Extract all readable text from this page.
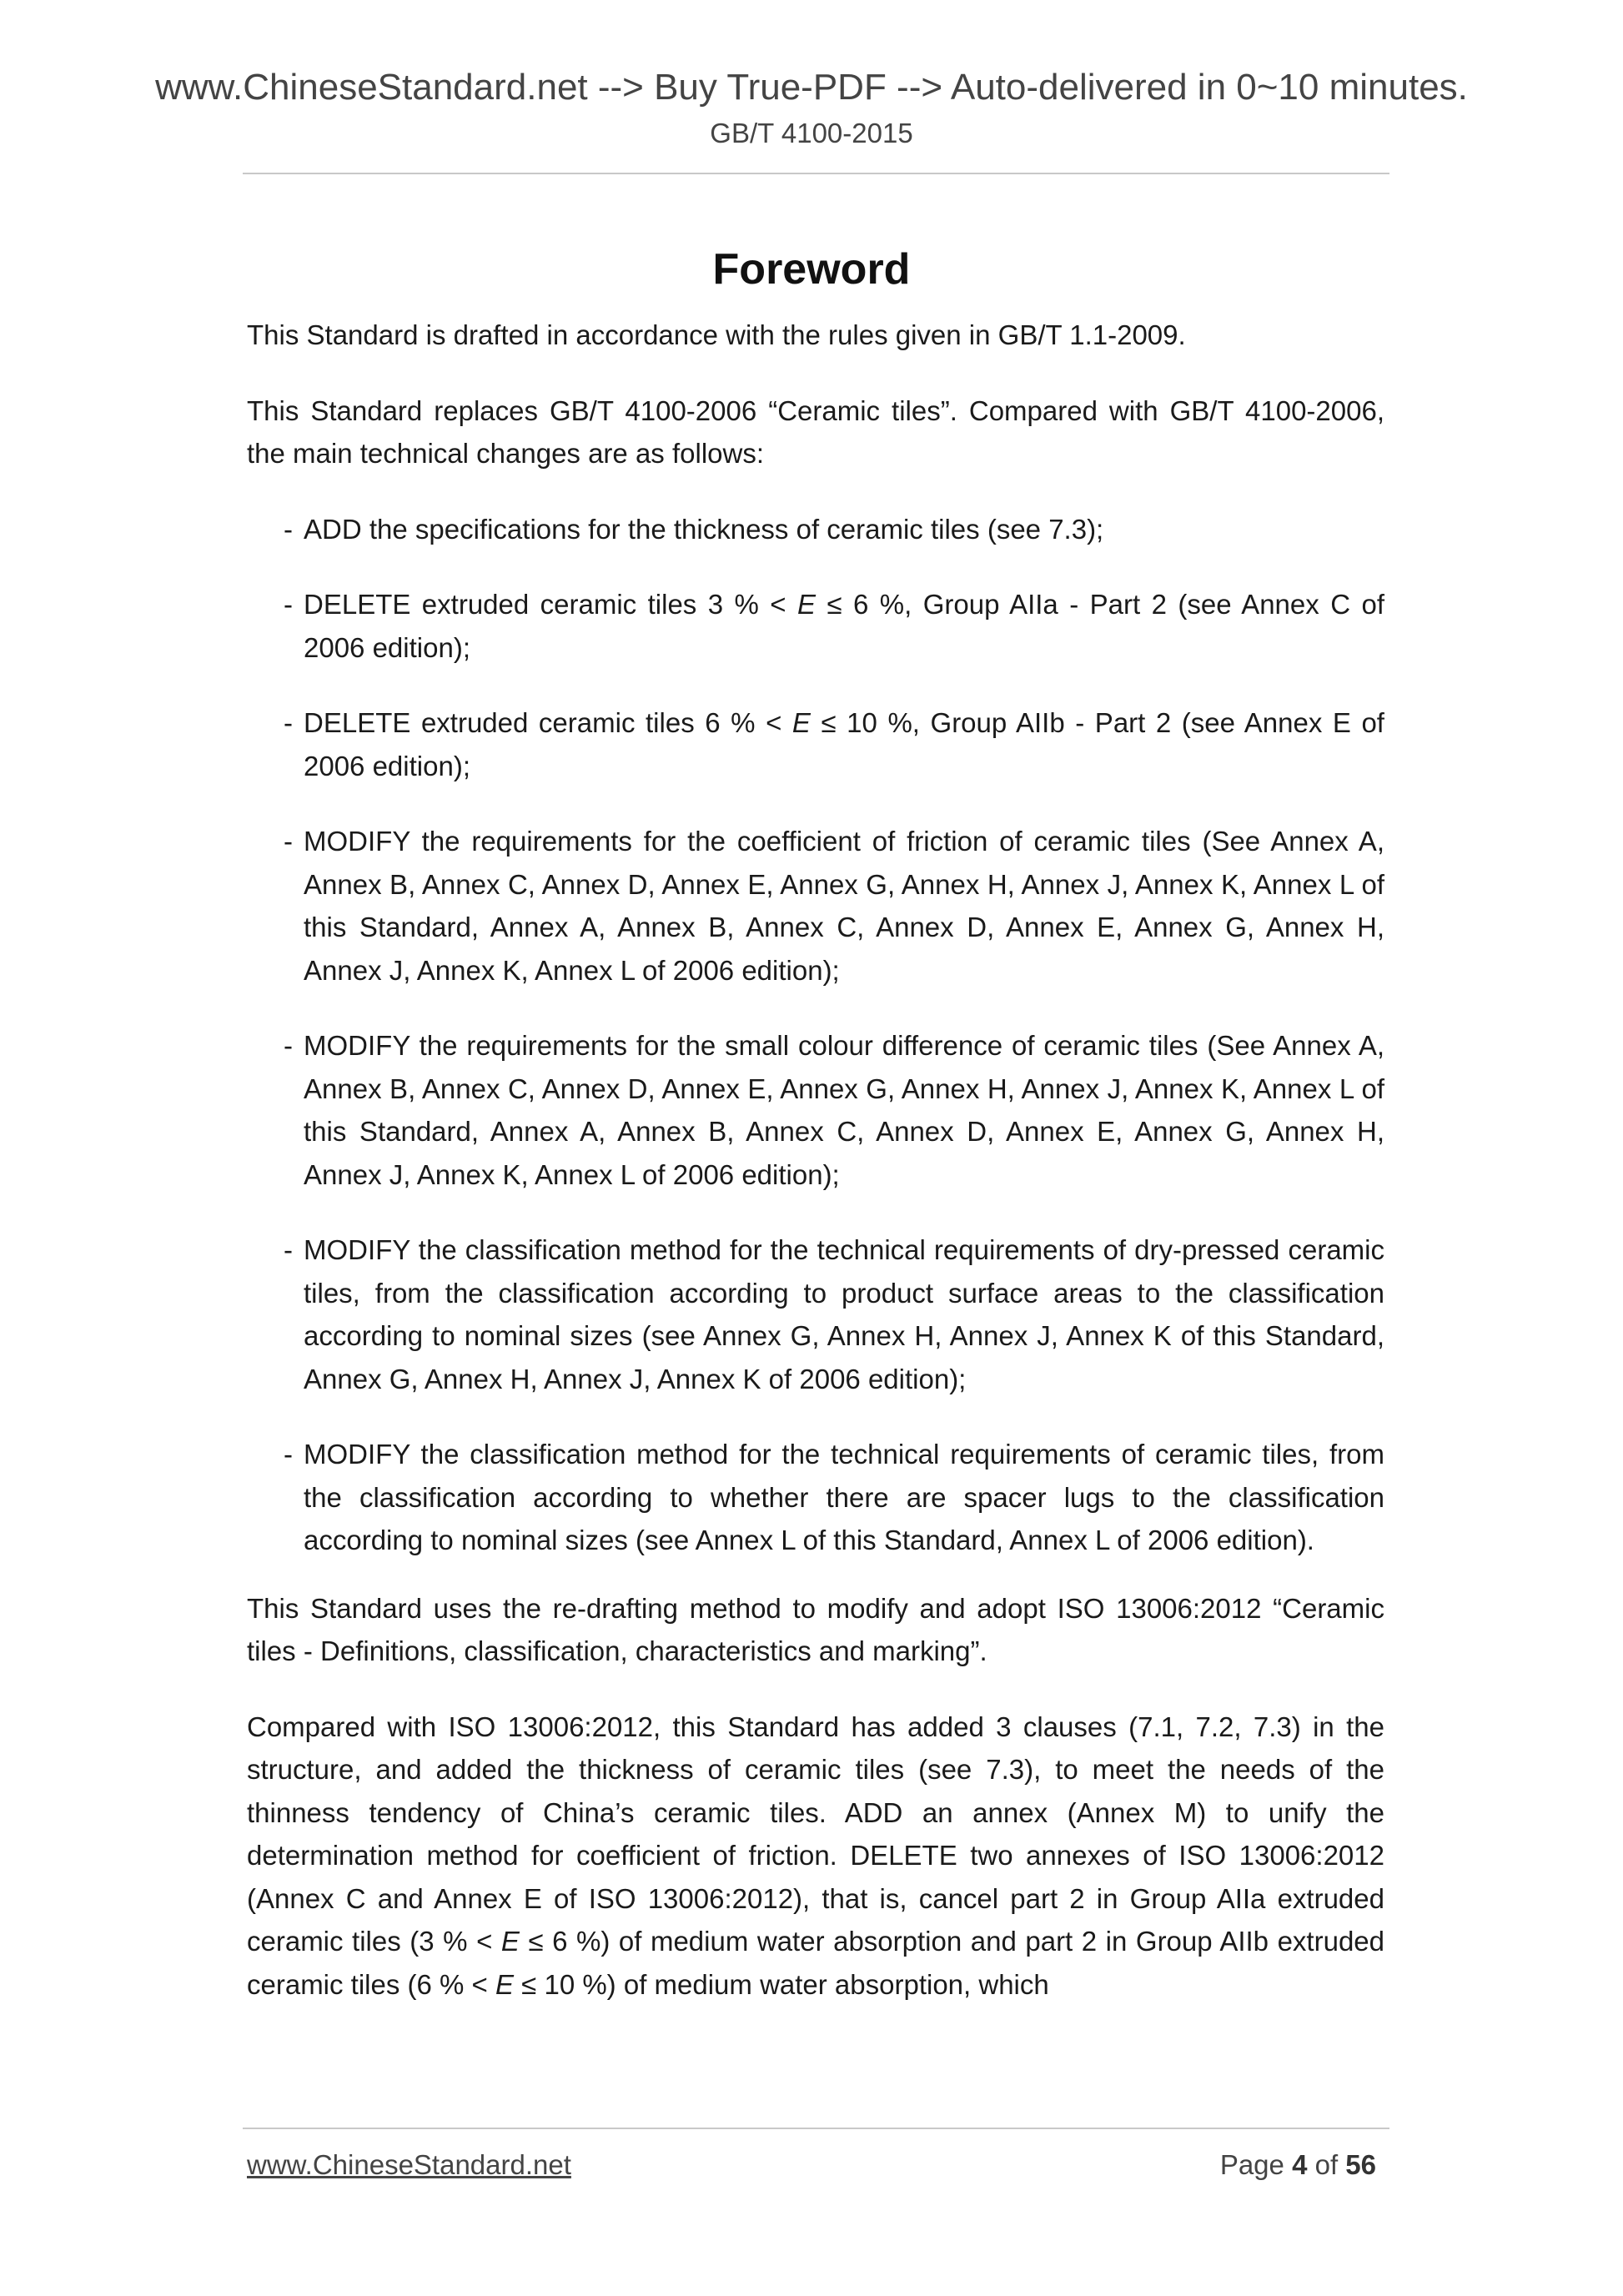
www.ChineseStandard.net --> Buy True-PDF --> Auto-delivered in 0~10 minutes.
GB/T 4100-2015
Foreword

This Standard is drafted in accordance with the rules given in GB/T 1.1-2009.

This Standard replaces GB/T 4100-2006 “Ceramic tiles”. Compared with GB/T 4100-2006, the main technical changes are as follows:

- ADD the specifications for the thickness of ceramic tiles (see 7.3);
- DELETE extruded ceramic tiles 3 % < E ≤ 6 %, Group AIIa - Part 2 (see Annex C of 2006 edition);
- DELETE extruded ceramic tiles 6 % < E ≤ 10 %, Group AIIb - Part 2 (see Annex E of 2006 edition);
- MODIFY the requirements for the coefficient of friction of ceramic tiles (See Annex A, Annex B, Annex C, Annex D, Annex E, Annex G, Annex H, Annex J, Annex K, Annex L of this Standard, Annex A, Annex B, Annex C, Annex D, Annex E, Annex G, Annex H, Annex J, Annex K, Annex L of 2006 edition);
- MODIFY the requirements for the small colour difference of ceramic tiles (See Annex A, Annex B, Annex C, Annex D, Annex E, Annex G, Annex H, Annex J, Annex K, Annex L of this Standard, Annex A, Annex B, Annex C, Annex D, Annex E, Annex G, Annex H, Annex J, Annex K, Annex L of 2006 edition);
- MODIFY the classification method for the technical requirements of dry-pressed ceramic tiles, from the classification according to product surface areas to the classification according to nominal sizes (see Annex G, Annex H, Annex J, Annex K of this Standard, Annex G, Annex H, Annex J, Annex K of 2006 edition);
- MODIFY the classification method for the technical requirements of ceramic tiles, from the classification according to whether there are spacer lugs to the classification according to nominal sizes (see Annex L of this Standard, Annex L of 2006 edition).

This Standard uses the re-drafting method to modify and adopt ISO 13006:2012 “Ceramic tiles - Definitions, classification, characteristics and marking”.

Compared with ISO 13006:2012, this Standard has added 3 clauses (7.1, 7.2, 7.3) in the structure, and added the thickness of ceramic tiles (see 7.3), to meet the needs of the thinness tendency of China’s ceramic tiles. ADD an annex (Annex M) to unify the determination method for coefficient of friction. DELETE two annexes of ISO 13006:2012 (Annex C and Annex E of ISO 13006:2012), that is, cancel part 2 in Group AIIa extruded ceramic tiles (3 % < E ≤ 6 %) of medium water absorption and part 2 in Group AIIb extruded ceramic tiles (6 % < E ≤ 10 %) of medium water absorption, which

www.ChineseStandard.net	Page 4 of 56
